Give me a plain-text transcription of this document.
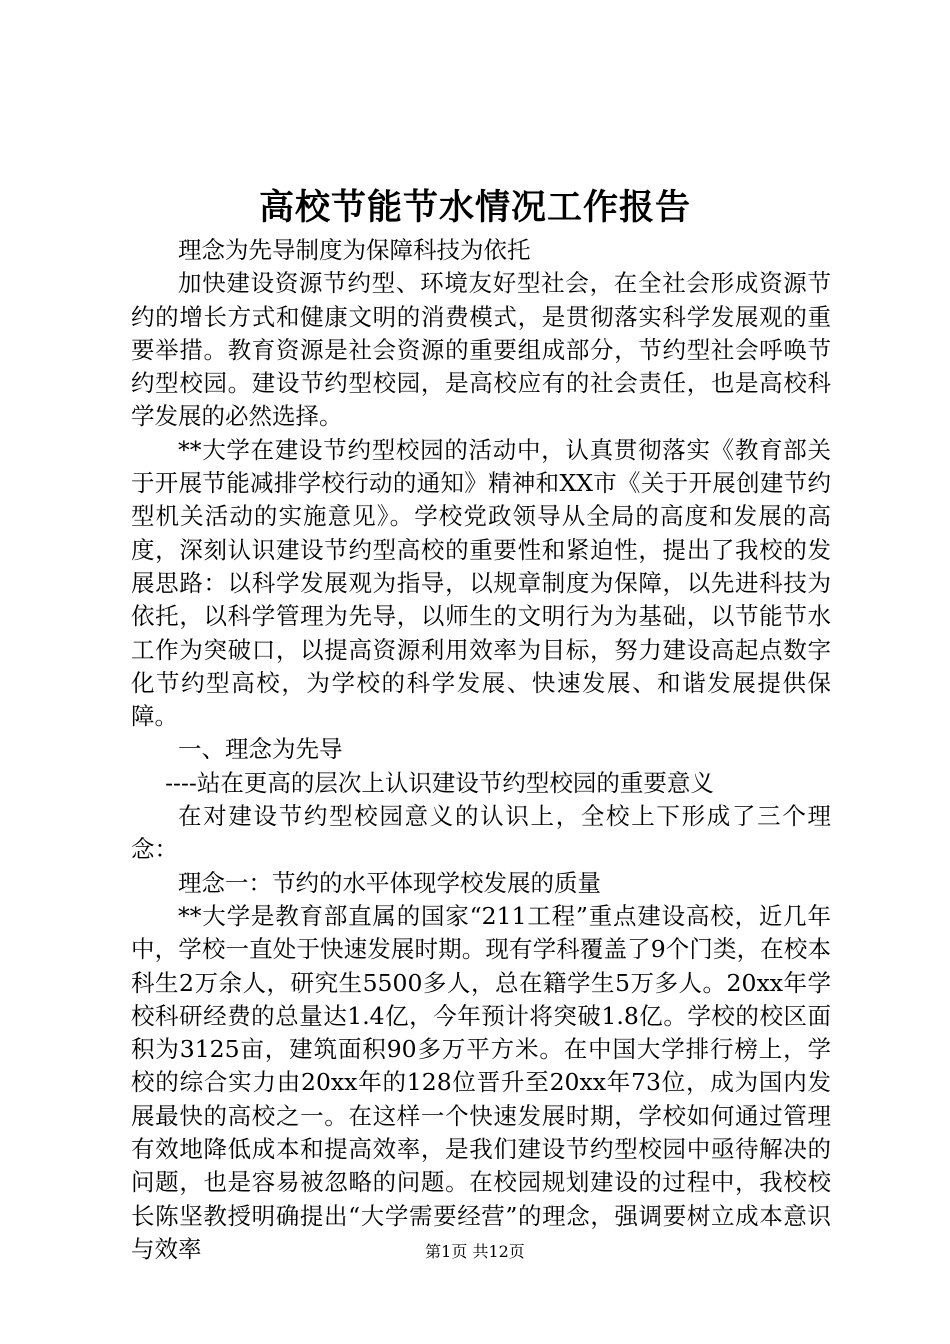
高校节能节水情况工作报告

理念为先导制度为保障科技为依托

加快建设资源节约型、环境友好型社会，在全社会形成资源节约的增长方式和健康文明的消费模式，是贯彻落实科学发展观的重要举措。教育资源是社会资源的重要组成部分，节约型社会呼唤节约型校园。建设节约型校园，是高校应有的社会责任，也是高校科学发展的必然选择。

**大学在建设节约型校园的活动中，认真贯彻落实《教育部关于开展节能减排学校行动的通知》精神和XX市《关于开展创建节约型机关活动的实施意见》。学校党政领导从全局的高度和发展的高度，深刻认识建设节约型高校的重要性和紧迫性，提出了我校的发展思路：以科学发展观为指导，以规章制度为保障，以先进科技为依托，以科学管理为先导，以师生的文明行为为基础，以节能节水工作为突破口，以提高资源利用效率为目标，努力建设高起点数字化节约型高校，为学校的科学发展、快速发展、和谐发展提供保障。

一、理念为先导

----站在更高的层次上认识建设节约型校园的重要意义

在对建设节约型校园意义的认识上，全校上下形成了三个理念：

理念一：节约的水平体现学校发展的质量

**大学是教育部直属的国家“211工程”重点建设高校，近几年中，学校一直处于快速发展时期。现有学科覆盖了9个门类，在校本科生2万余人，研究生5500多人，总在籍学生5万多人。20xx年学校科研经费的总量达1.4亿，今年预计将突破1.8亿。学校的校区面积为3125亩，建筑面积90多万平方米。在中国大学排行榜上，学校的综合实力由20xx年的128位晋升至20xx年73位，成为国内发展最快的高校之一。在这样一个快速发展时期，学校如何通过管理有效地降低成本和提高效率，是我们建设节约型校园中亟待解决的问题，也是容易被忽略的问题。在校园规划建设的过程中，我校校长陈坚教授明确提出“大学需要经营”的理念，强调要树立成本意识与效率	第1页 共12页
